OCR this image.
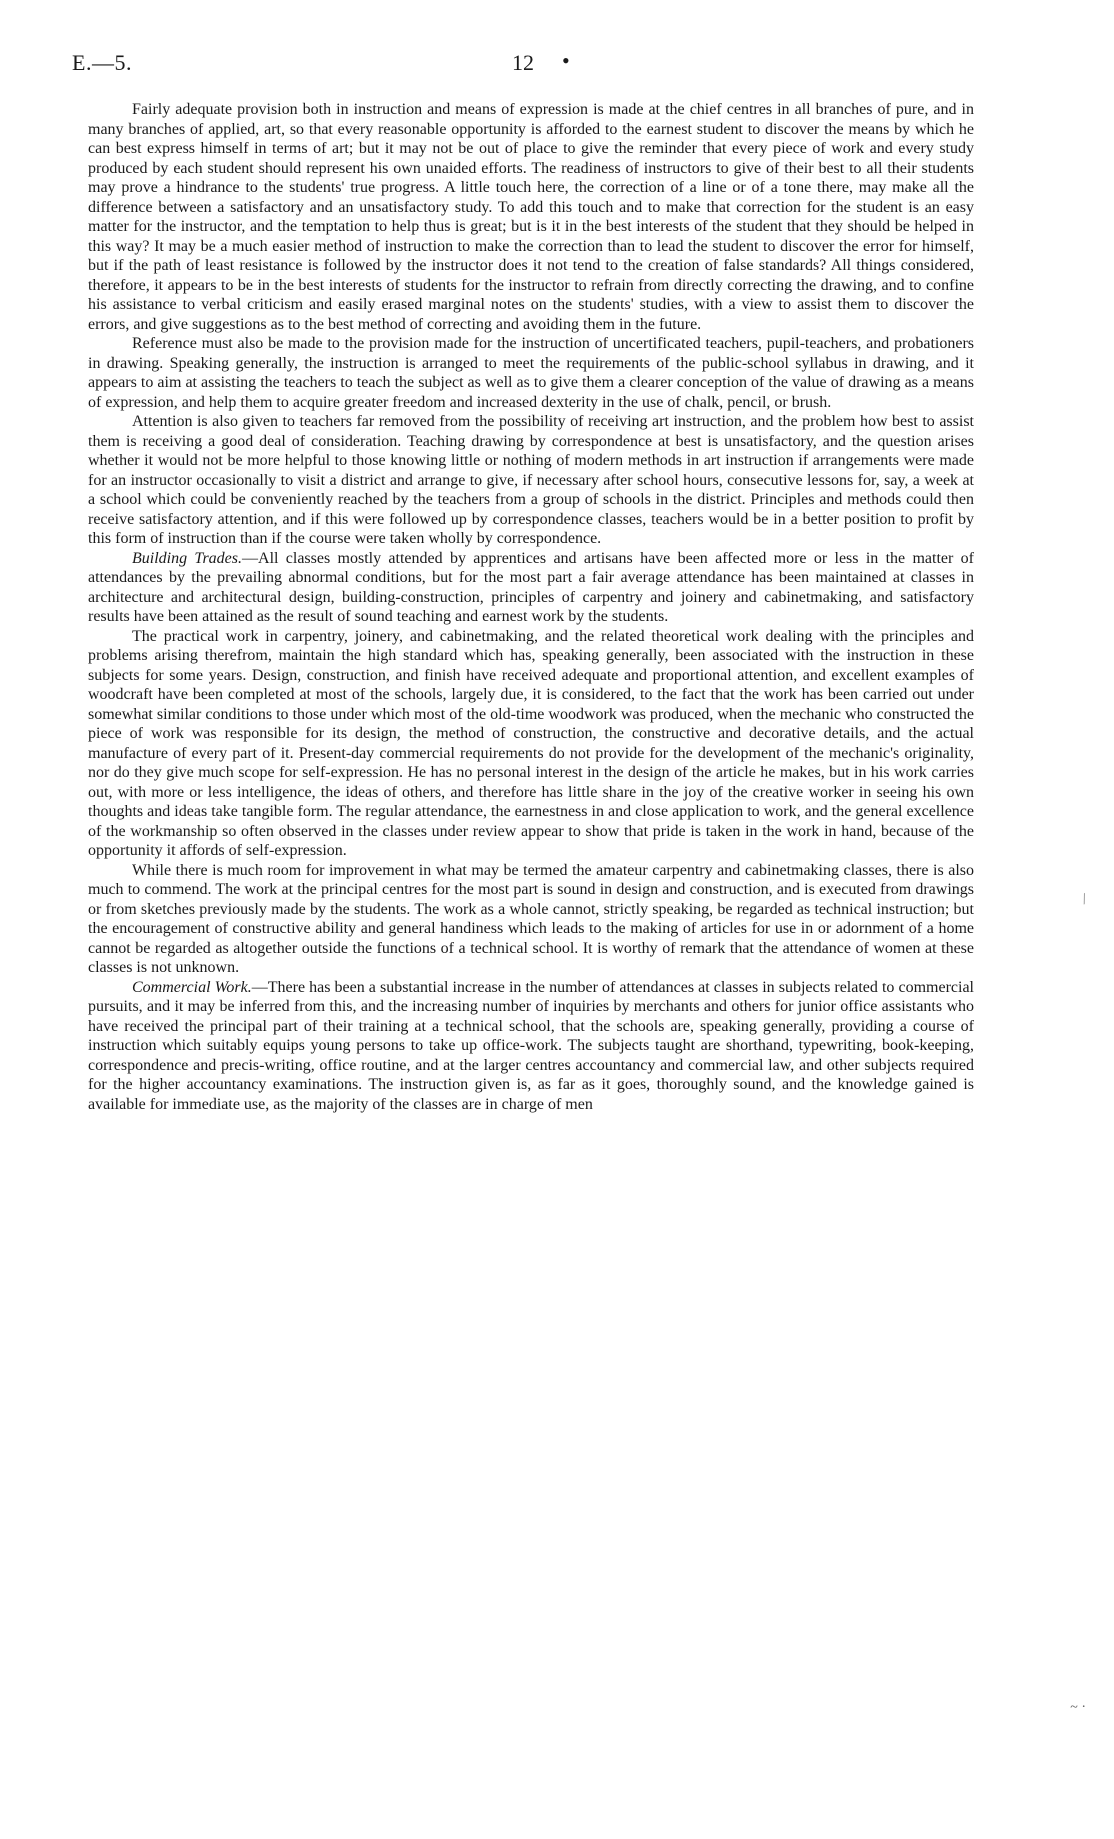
E.—5.	12 •

Fairly adequate provision both in instruction and means of expression is made at the chief centres in all branches of pure, and in many branches of applied, art, so that every reasonable opportunity is afforded to the earnest student to discover the means by which he can best express himself in terms of art; but it may not be out of place to give the reminder that every piece of work and every study produced by each student should represent his own unaided efforts. The readiness of instructors to give of their best to all their students may prove a hindrance to the students' true progress. A little touch here, the correction of a line or of a tone there, may make all the difference between a satisfactory and an unsatisfactory study. To add this touch and to make that correction for the student is an easy matter for the instructor, and the temptation to help thus is great; but is it in the best interests of the student that they should be helped in this way? It may be a much easier method of instruction to make the correction than to lead the student to discover the error for himself, but if the path of least resistance is followed by the instructor does it not tend to the creation of false standards? All things considered, therefore, it appears to be in the best interests of students for the instructor to refrain from directly correcting the drawing, and to confine his assistance to verbal criticism and easily erased marginal notes on the students' studies, with a view to assist them to discover the errors, and give suggestions as to the best method of correcting and avoiding them in the future.

Reference must also be made to the provision made for the instruction of uncertificated teachers, pupil-teachers, and probationers in drawing. Speaking generally, the instruction is arranged to meet the requirements of the public-school syllabus in drawing, and it appears to aim at assisting the teachers to teach the subject as well as to give them a clearer conception of the value of drawing as a means of expression, and help them to acquire greater freedom and increased dexterity in the use of chalk, pencil, or brush.

Attention is also given to teachers far removed from the possibility of receiving art instruction, and the problem how best to assist them is receiving a good deal of consideration. Teaching drawing by correspondence at best is unsatisfactory, and the question arises whether it would not be more helpful to those knowing little or nothing of modern methods in art instruction if arrangements were made for an instructor occasionally to visit a district and arrange to give, if necessary after school hours, consecutive lessons for, say, a week at a school which could be conveniently reached by the teachers from a group of schools in the district. Principles and methods could then receive satisfactory attention, and if this were followed up by correspondence classes, teachers would be in a better position to profit by this form of instruction than if the course were taken wholly by correspondence.

Building Trades.—All classes mostly attended by apprentices and artisans have been affected more or less in the matter of attendances by the prevailing abnormal conditions, but for the most part a fair average attendance has been maintained at classes in architecture and architectural design, building-construction, principles of carpentry and joinery and cabinetmaking, and satisfactory results have been attained as the result of sound teaching and earnest work by the students.

The practical work in carpentry, joinery, and cabinetmaking, and the related theoretical work dealing with the principles and problems arising therefrom, maintain the high standard which has, speaking generally, been associated with the instruction in these subjects for some years. Design, construction, and finish have received adequate and proportional attention, and excellent examples of woodcraft have been completed at most of the schools, largely due, it is considered, to the fact that the work has been carried out under somewhat similar conditions to those under which most of the old-time woodwork was produced, when the mechanic who constructed the piece of work was responsible for its design, the method of construction, the constructive and decorative details, and the actual manufacture of every part of it. Present-day commercial requirements do not provide for the development of the mechanic's originality, nor do they give much scope for self-expression. He has no personal interest in the design of the article he makes, but in his work carries out, with more or less intelligence, the ideas of others, and therefore has little share in the joy of the creative worker in seeing his own thoughts and ideas take tangible form. The regular attendance, the earnestness in and close application to work, and the general excellence of the workmanship so often observed in the classes under review appear to show that pride is taken in the work in hand, because of the opportunity it affords of self-expression.

While there is much room for improvement in what may be termed the amateur carpentry and cabinetmaking classes, there is also much to commend. The work at the principal centres for the most part is sound in design and construction, and is executed from drawings or from sketches previously made by the students. The work as a whole cannot, strictly speaking, be regarded as technical instruction; but the encouragement of constructive ability and general handiness which leads to the making of articles for use in or adornment of a home cannot be regarded as altogether outside the functions of a technical school. It is worthy of remark that the attendance of women at these classes is not unknown.

Commercial Work.—There has been a substantial increase in the number of attendances at classes in subjects related to commercial pursuits, and it may be inferred from this, and the increasing number of inquiries by merchants and others for junior office assistants who have received the principal part of their training at a technical school, that the schools are, speaking generally, providing a course of instruction which suitably equips young persons to take up office-work. The subjects taught are shorthand, typewriting, book-keeping, correspondence and precis-writing, office routine, and at the larger centres accountancy and commercial law, and other subjects required for the higher accountancy examinations. The instruction given is, as far as it goes, thoroughly sound, and the knowledge gained is available for immediate use, as the majority of the classes are in charge of men

⁄
~ ·
